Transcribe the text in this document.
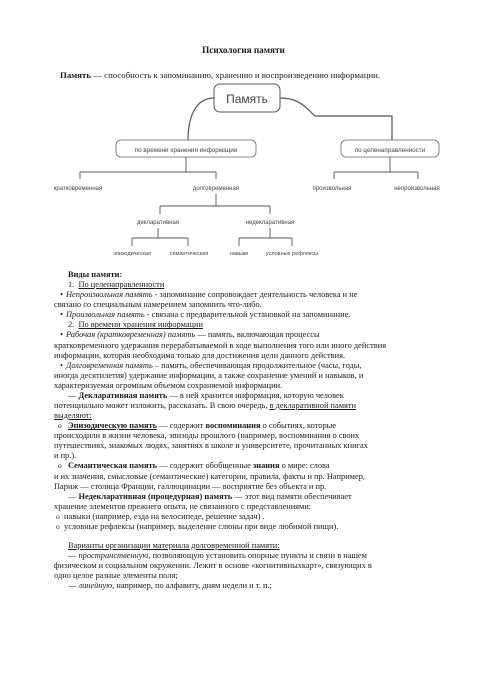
Психология памяти
Память — способность к запоминанию, хранению и воспроизведению информации.
Память
по времени хранения информации	по целенаправленности
кратковременная	долговременная	произвольная	непроизвольная
декларативная	недекларативная
эпизодическая	семантическая	навыки	условные рефлексы

Виды памяти:

1. По целенаправленности

• Непроизвольная память - запоминание сопровождает деятельность человека и не

связано со специальным намерением запомнить что-либо.

• Произвольная память - связана с предварительной установкой на запоминание.

2. По времени хранения информации

• Рабочая (кратковременная) память — память, включающая процессы

кратковременного удержания перерабатываемой в ходе выполнения того или иного действия

информации, которая необходима только для достижения цели данного действия.

• Долговременная память – память, обеспечивающая продолжительное (часы, годы,

иногда десятилетия) удержание информации, а также сохранение умений и навыков, и

характеризуемая огромным объемом сохраняемой информации.

— Декларативная память — в ней хранится информация, которую человек

потенциально может изложить, рассказать. В свою очередь, в декларативной памяти

выделяют:

o Эпизодическую память — содержит воспоминания о событиях, которые

происходили в жизни человека, эпизоды прошлого (например, воспоминания о своих

путешествиях, знакомых людях, занятиях в школе и университете, прочитанных книгах

и пр.).

o Семантическая память — содержит обобщенные знания о мире: слова

и их значения, смысловые (семантические) категории, правила, факты и пр. Например,

Париж — столица Франции, галлюцинации — восприятие без объекта и пр.

— Недекларативная (процедурная) память — этот вид памяти обеспечивает

хранение элементов прежнего опыта, не связанного с представлениями:

o навыки (например, езда на велосипеде, решение задач) .

o условные рефлексы (например, выделение слюны при виде любимой пищи).

Варианты организации материала долговременной памяти:

— пространственную, позволяющую установить опорные пункты и связи в нашем

физическом и социальном окружении. Лежит в основе «когнитивныхкарт», связующих в

одно целое разные элементы поля;

— линейную, например, по алфавиту, дням недели и т. п.;
